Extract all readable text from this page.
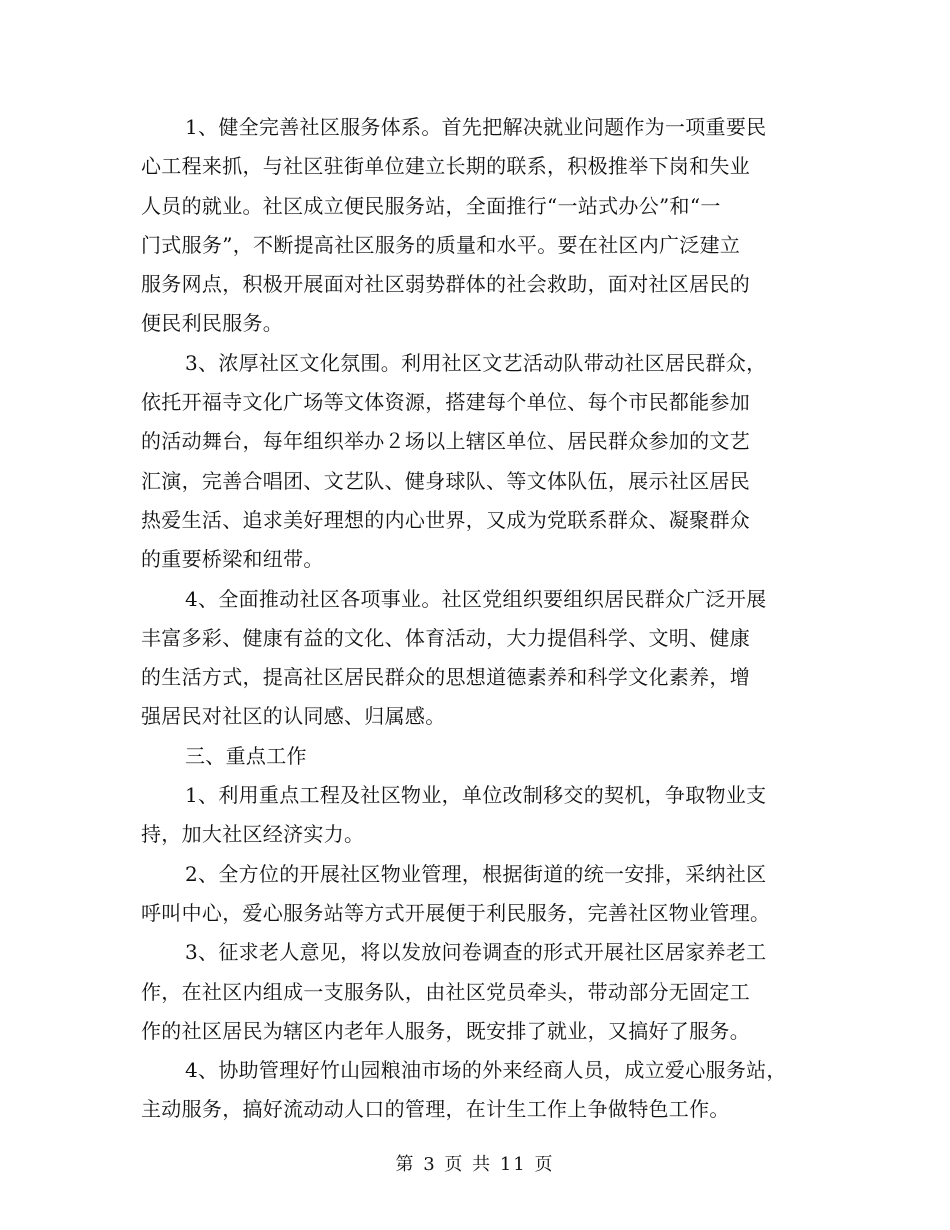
1、健全完善社区服务体系。首先把解决就业问题作为一项重要民
心工程来抓，与社区驻街单位建立长期的联系，积极推举下岗和失业
人员的就业。社区成立便民服务站，全面推行“一站式办公”和“一
门式服务”，不断提高社区服务的质量和水平。要在社区内广泛建立
服务网点，积极开展面对社区弱势群体的社会救助，面对社区居民的
便民利民服务。

3、浓厚社区文化氛围。利用社区文艺活动队带动社区居民群众，
依托开福寺文化广场等文体资源，搭建每个单位、每个市民都能参加
的活动舞台，每年组织举办２场以上辖区单位、居民群众参加的文艺
汇演，完善合唱团、文艺队、健身球队、等文体队伍，展示社区居民
热爱生活、追求美好理想的内心世界，又成为党联系群众、凝聚群众
的重要桥梁和纽带。

4、全面推动社区各项事业。社区党组织要组织居民群众广泛开展
丰富多彩、健康有益的文化、体育活动，大力提倡科学、文明、健康
的生活方式，提高社区居民群众的思想道德素养和科学文化素养，增
强居民对社区的认同感、归属感。

三、重点工作

1、利用重点工程及社区物业，单位改制移交的契机，争取物业支
持，加大社区经济实力。

2、全方位的开展社区物业管理，根据街道的统一安排，采纳社区
呼叫中心，爱心服务站等方式开展便于利民服务，完善社区物业管理。

3、征求老人意见，将以发放问卷调查的形式开展社区居家养老工
作，在社区内组成一支服务队，由社区党员牵头，带动部分无固定工
作的社区居民为辖区内老年人服务，既安排了就业，又搞好了服务。

4、协助管理好竹山园粮油市场的外来经商人员，成立爱心服务站，
主动服务，搞好流动动人口的管理，在计生工作上争做特色工作。

第 3 页 共 11 页
